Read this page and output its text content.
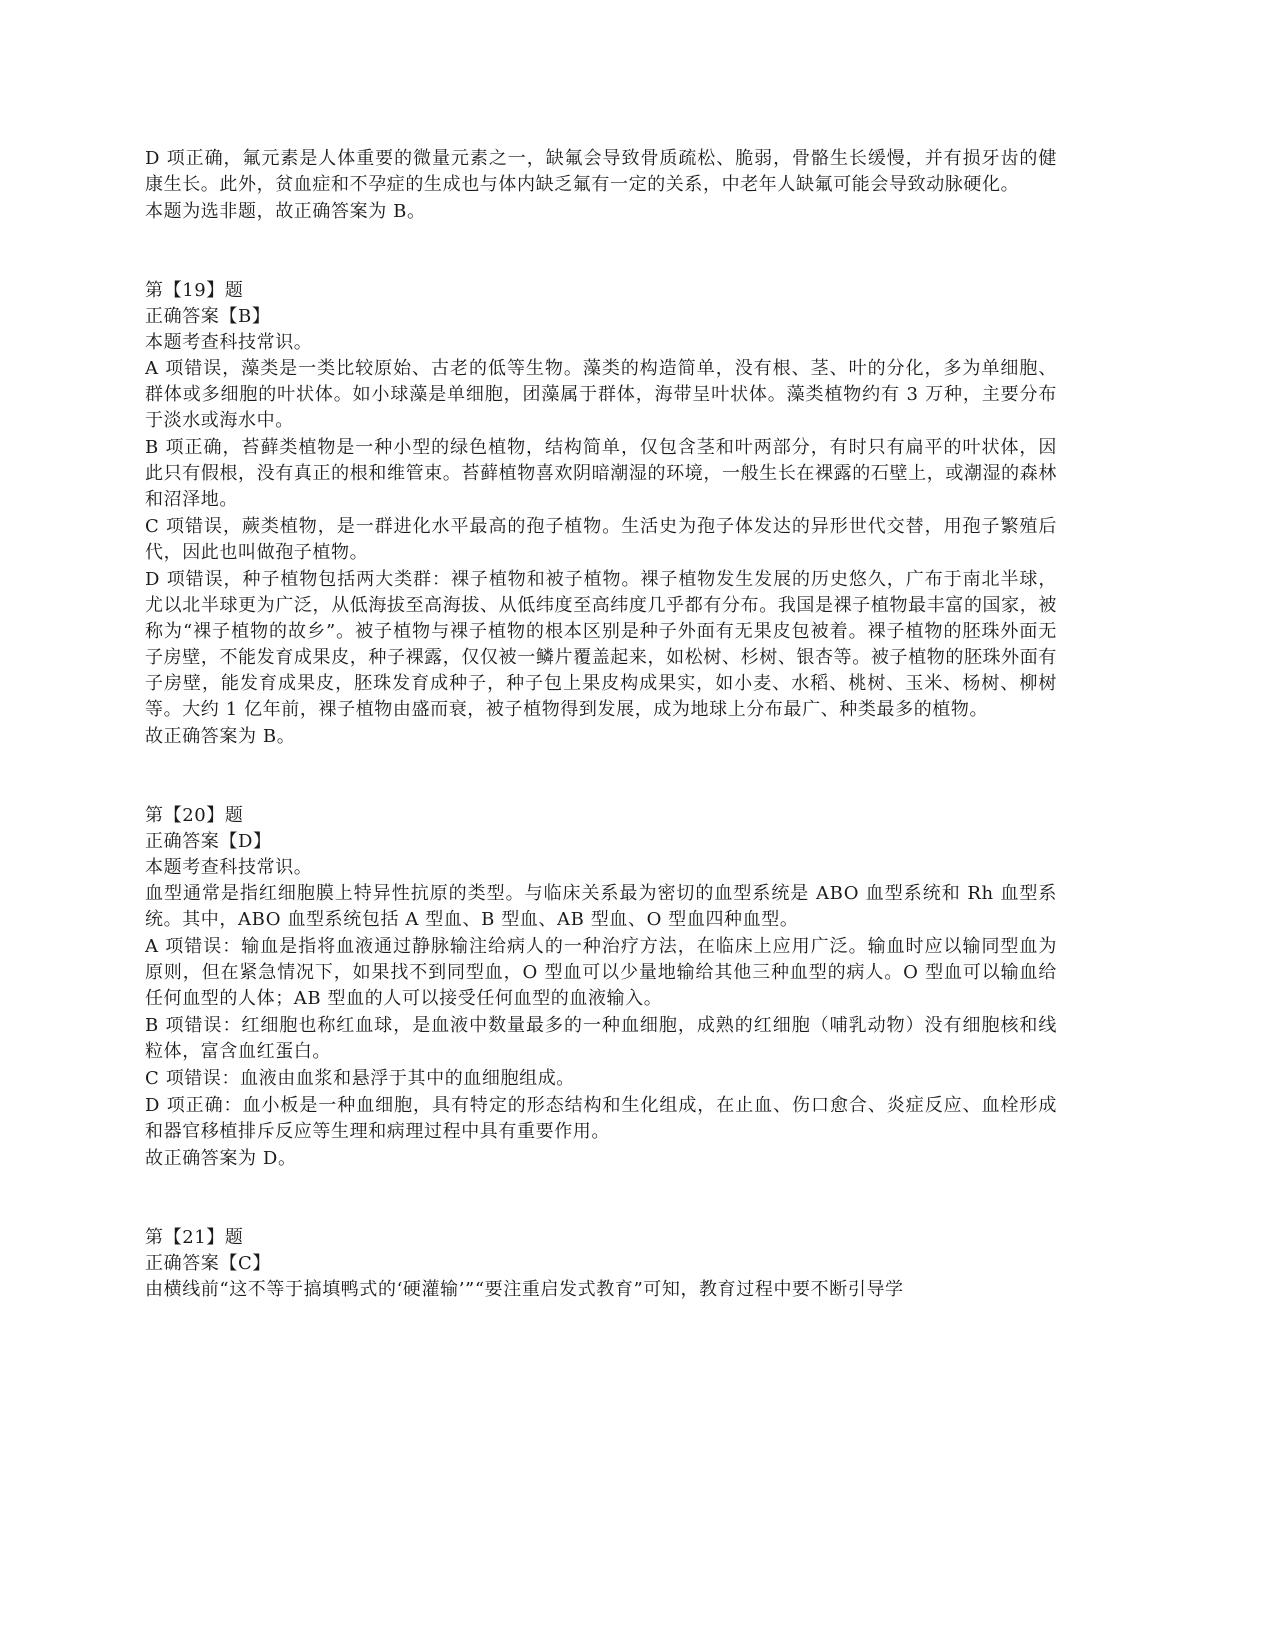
D 项正确，氟元素是人体重要的微量元素之一，缺氟会导致骨质疏松、脆弱，骨骼生长缓慢，并有损牙齿的健康生长。此外，贫血症和不孕症的生成也与体内缺乏氟有一定的关系，中老年人缺氟可能会导致动脉硬化。

本题为选非题，故正确答案为 B。

第【19】题

正确答案【B】

本题考查科技常识。

A 项错误，藻类是一类比较原始、古老的低等生物。藻类的构造简单，没有根、茎、叶的分化，多为单细胞、群体或多细胞的叶状体。如小球藻是单细胞，团藻属于群体，海带呈叶状体。藻类植物约有 3 万种，主要分布于淡水或海水中。

B 项正确，苔藓类植物是一种小型的绿色植物，结构简单，仅包含茎和叶两部分，有时只有扁平的叶状体，因此只有假根，没有真正的根和维管束。苔藓植物喜欢阴暗潮湿的环境，一般生长在裸露的石壁上，或潮湿的森林和沼泽地。

C 项错误，蕨类植物，是一群进化水平最高的孢子植物。生活史为孢子体发达的异形世代交替，用孢子繁殖后代，因此也叫做孢子植物。

D 项错误，种子植物包括两大类群：裸子植物和被子植物。裸子植物发生发展的历史悠久，广布于南北半球，尤以北半球更为广泛，从低海拔至高海拔、从低纬度至高纬度几乎都有分布。我国是裸子植物最丰富的国家，被称为“裸子植物的故乡”。被子植物与裸子植物的根本区别是种子外面有无果皮包被着。裸子植物的胚珠外面无子房壁，不能发育成果皮，种子裸露，仅仅被一鳞片覆盖起来，如松树、杉树、银杏等。被子植物的胚珠外面有子房壁，能发育成果皮，胚珠发育成种子，种子包上果皮构成果实，如小麦、水稻、桃树、玉米、杨树、柳树等。大约 1 亿年前，裸子植物由盛而衰，被子植物得到发展，成为地球上分布最广、种类最多的植物。

故正确答案为 B。

第【20】题

正确答案【D】

本题考查科技常识。

血型通常是指红细胞膜上特异性抗原的类型。与临床关系最为密切的血型系统是 ABO 血型系统和 Rh 血型系统。其中，ABO 血型系统包括 A 型血、B 型血、AB 型血、O 型血四种血型。

A 项错误：输血是指将血液通过静脉输注给病人的一种治疗方法，在临床上应用广泛。输血时应以输同型血为原则，但在紧急情况下，如果找不到同型血，O 型血可以少量地输给其他三种血型的病人。O 型血可以输血给任何血型的人体；AB 型血的人可以接受任何血型的血液输入。

B 项错误：红细胞也称红血球，是血液中数量最多的一种血细胞，成熟的红细胞（哺乳动物）没有细胞核和线粒体，富含血红蛋白。

C 项错误：血液由血浆和悬浮于其中的血细胞组成。

D 项正确：血小板是一种血细胞，具有特定的形态结构和生化组成，在止血、伤口愈合、炎症反应、血栓形成和器官移植排斥反应等生理和病理过程中具有重要作用。

故正确答案为 D。

第【21】题

正确答案【C】

由横线前“这不等于搞填鸭式的‘硬灌输’”“要注重启发式教育”可知，教育过程中要不断引导学
